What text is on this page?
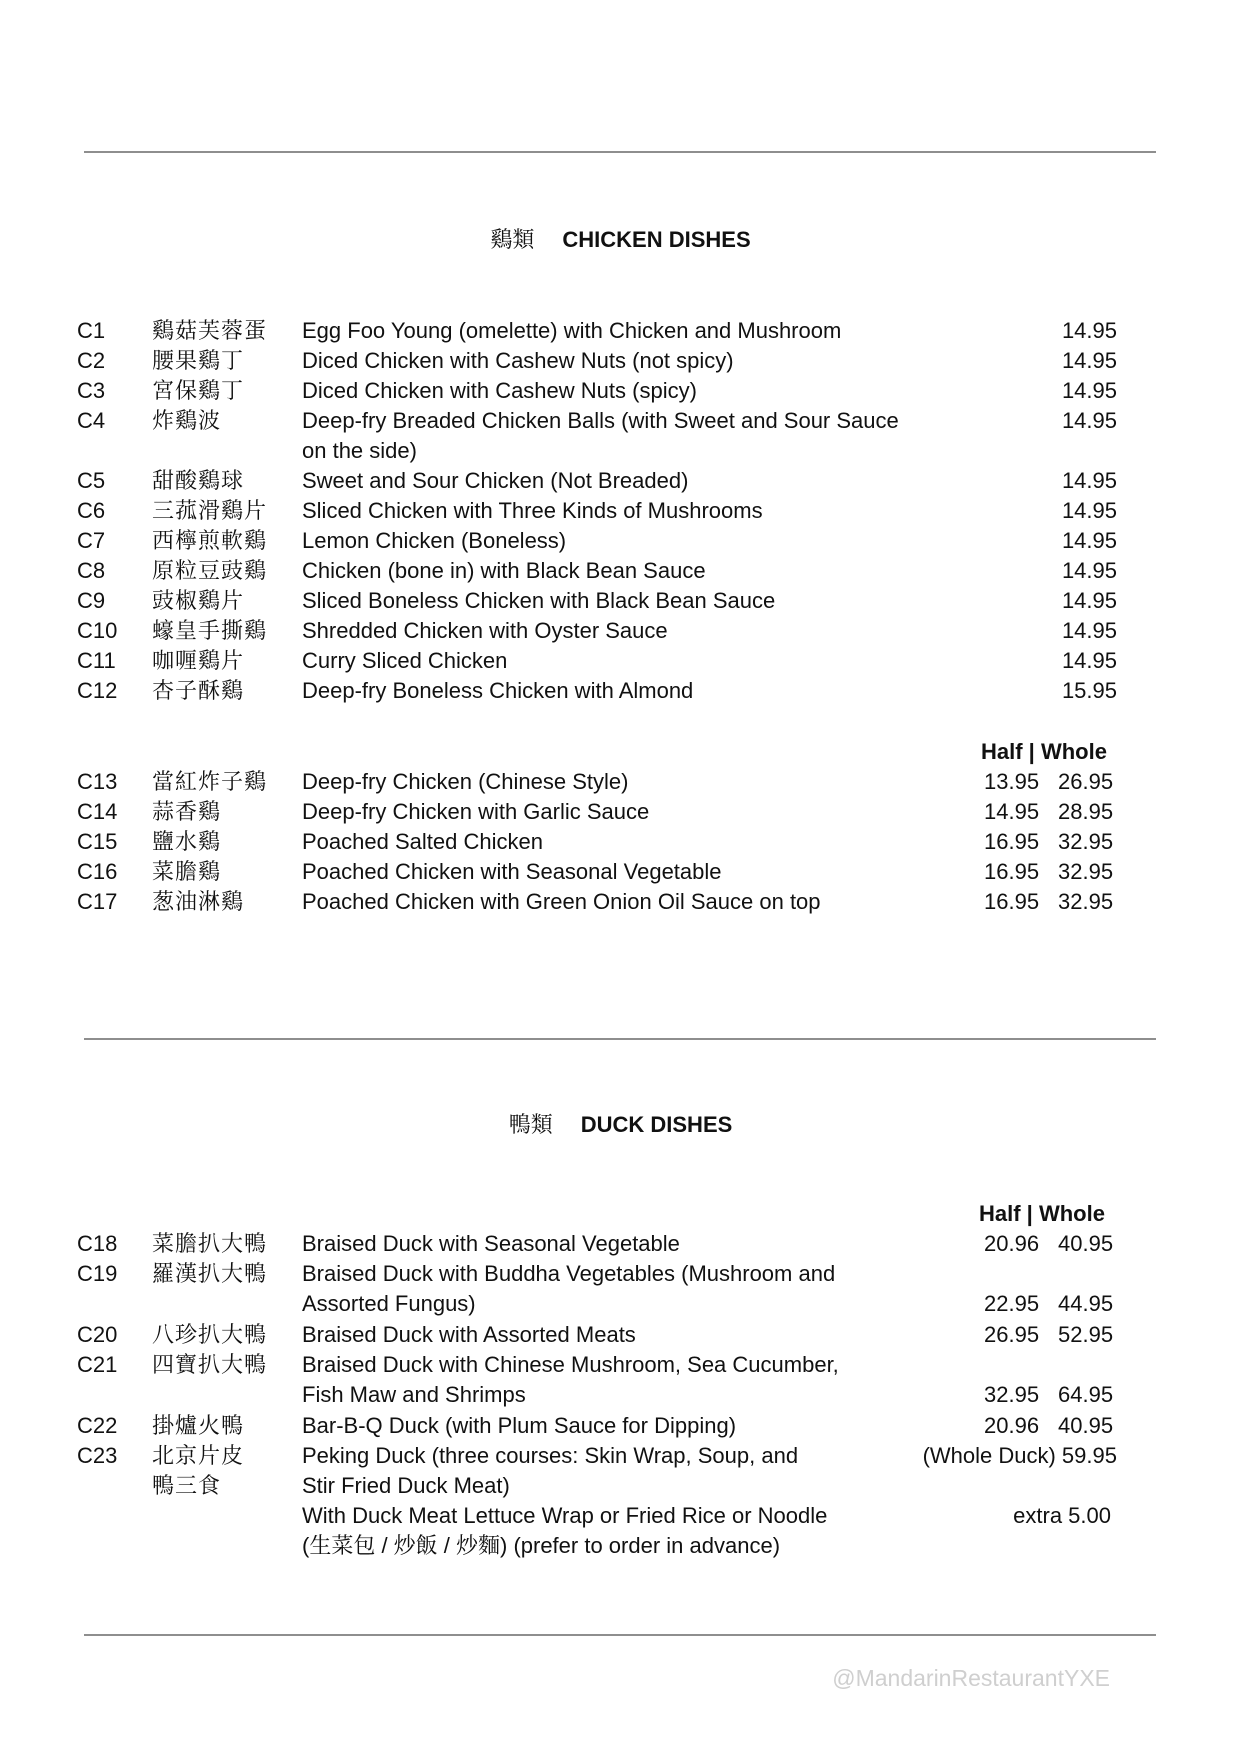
鷄類 CHICKEN DISHES
C1 鷄菇芙蓉蛋 Egg Foo Young (omelette) with Chicken and Mushroom	14.95
C2 腰果鷄丁	Diced Chicken with Cashew Nuts (not spicy)	14.95
C3 宮保鷄丁	Diced Chicken with Cashew Nuts (spicy)	14.95
C4 炸鷄波	Deep-fry Breaded Chicken Balls (with Sweet and Sour Sauce	14.95
on the side)
C5 甜酸鷄球	Sweet and Sour Chicken (Not Breaded)	14.95
C6 三菰滑鷄片 Sliced Chicken with Three Kinds of Mushrooms	14.95
C7 西檸煎軟鷄 Lemon Chicken (Boneless)	14.95
C8 原粒豆豉鷄 Chicken (bone in) with Black Bean Sauce	14.95
C9 豉椒鷄片	Sliced Boneless Chicken with Black Bean Sauce	14.95
C10 蠔皇手撕鷄 Shredded Chicken with Oyster Sauce	14.95
C11 咖喱鷄片	Curry Sliced Chicken	14.95
C12 杏子酥鷄	Deep-fry Boneless Chicken with Almond	15.95
Half | Whole
C13 當紅炸子鷄 Deep-fry Chicken (Chinese Style)	13.95 26.95
C14 蒜香鷄	Deep-fry Chicken with Garlic Sauce	14.95 28.95
C15 鹽水鷄	Poached Salted Chicken	16.95 32.95
C16 菜膽鷄	Poached Chicken with Seasonal Vegetable	16.95 32.95
C17 葱油淋鷄	Poached Chicken with Green Onion Oil Sauce on top	16.95 32.95
鴨類 DUCK DISHES
Half | Whole
C18 菜膽扒大鴨 Braised Duck with Seasonal Vegetable	20.96 40.95
C19 羅漢扒大鴨 Braised Duck with Buddha Vegetables (Mushroom and
Assorted Fungus)	22.95 44.95
C20 八珍扒大鴨 Braised Duck with Assorted Meats	26.95 52.95
C21 四寶扒大鴨 Braised Duck with Chinese Mushroom, Sea Cucumber,
Fish Maw and Shrimps	32.95 64.95
C22 掛爐火鴨	Bar-B-Q Duck (with Plum Sauce for Dipping)	20.96 40.95
C23 北京片皮	Peking Duck (three courses: Skin Wrap, Soup, and	(Whole Duck) 59.95
鴨三食	Stir Fried Duck Meat)
With Duck Meat Lettuce Wrap or Fried Rice or Noodle	extra 5.00
(生菜包 / 炒飯 / 炒麵) (prefer to order in advance)
@MandarinRestaurantYXE
